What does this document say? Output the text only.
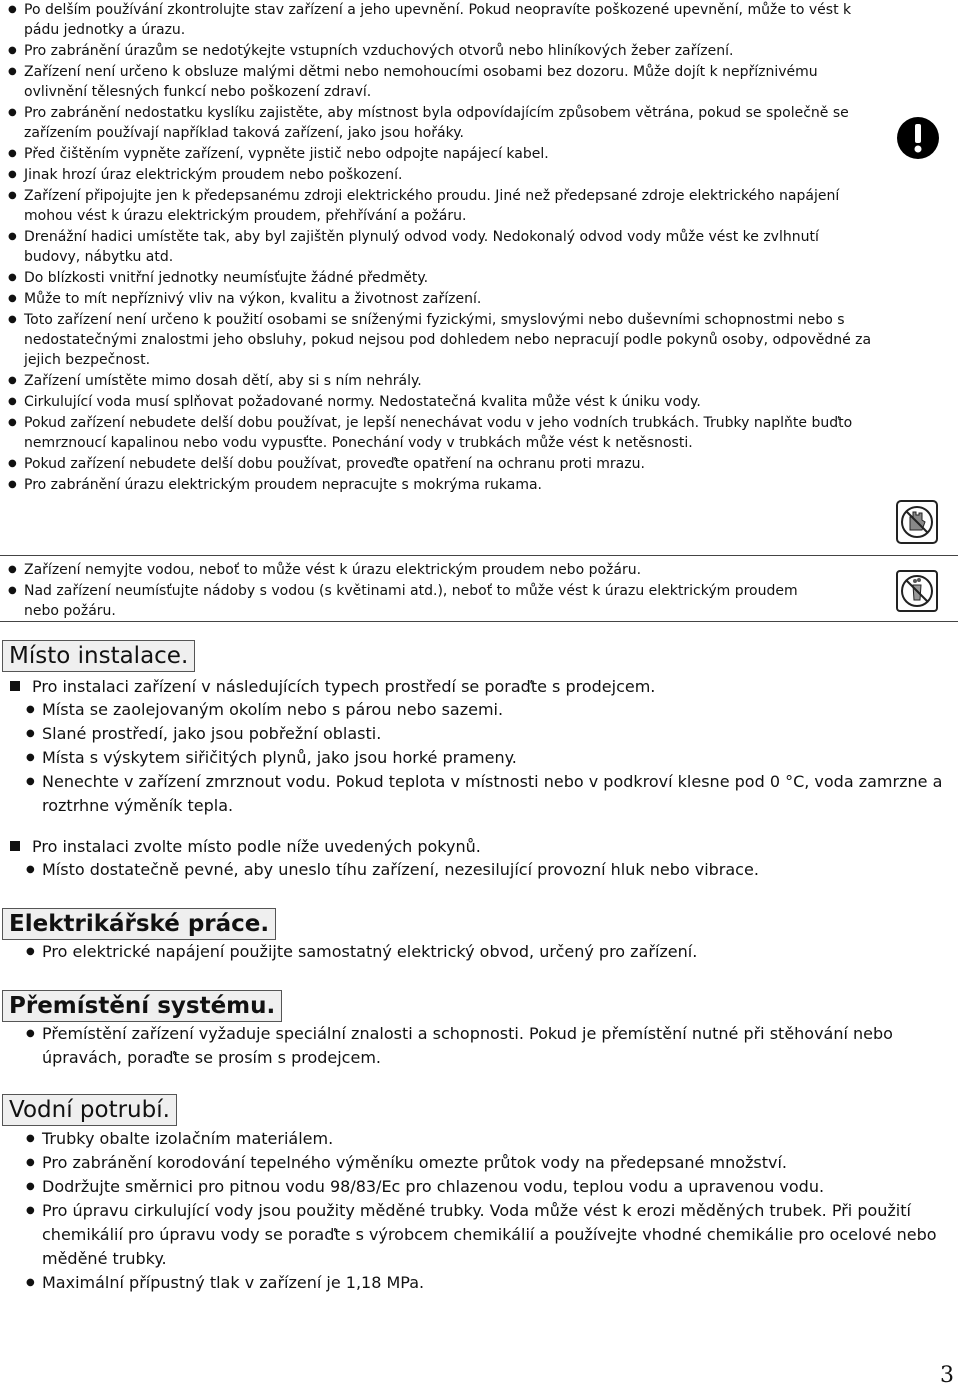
● Po delším používání zkontrolujte stav zařízení a jeho upevnění. Pokud neopravíte poškozené upevnění, může to vést k pádu jednotky a úrazu.
● Pro zabránění úrazům se nedotýkejte vstupních vzduchových otvorů nebo hliníkových žeber zařízení.
● Zařízení není určeno k obsluze malými dětmi nebo nemohoucími osobami bez dozoru. Může dojít k nepříznivému ovlivnění tělesných funkcí nebo poškození zdraví.
● Pro zabránění nedostatku kyslíku zajistěte, aby místnost byla odpovídajícím způsobem větrána, pokud se společně se zařízením používají například taková zařízení, jako jsou hořáky.
● Před čištěním vypněte zařízení, vypněte jistič nebo odpojte napájecí kabel.
● Jinak hrozí úraz elektrickým proudem nebo poškození.
● Zařízení připojujte jen k předepsanému zdroji elektrického proudu. Jiné než předepsané zdroje elektrického napájení mohou vést k úrazu elektrickým proudem, přehřívání a požáru.
● Drenážní hadici umístěte tak, aby byl zajištěn plynulý odvod vody. Nedokonalý odvod vody může vést ke zvlhnutí budovy, nábytku atd.
● Do blízkosti vnitřní jednotky neumísťujte žádné předměty.
● Může to mít nepříznivý vliv na výkon, kvalitu a životnost zařízení.
● Toto zařízení není určeno k použití osobami se sníženými fyzickými, smyslovými nebo duševními schopnostmi nebo s nedostatečnými znalostmi jeho obsluhy, pokud nejsou pod dohledem nebo nepracují podle pokynů osoby, odpovědné za jejich bezpečnost.
● Zařízení umístěte mimo dosah dětí, aby si s ním nehrály.
● Cirkulující voda musí splňovat požadované normy. Nedostatečná kvalita může vést k úniku vody.
● Pokud zařízení nebudete delší dobu používat, je lepší nenechávat vodu v jeho vodních trubkách. Trubky naplňte buďto nemrznoucí kapalinou nebo vodu vypusťte. Ponechání vody v trubkách může vést k netěsnosti.
● Pokud zařízení nebudete delší dobu používat, proveďte opatření na ochranu proti mrazu.
● Pro zabránění úrazu elektrickým proudem nepracujte s mokrýma rukama.
● Zařízení nemyjte vodou, neboť to může vést k úrazu elektrickým proudem nebo požáru.
● Nad zařízení neumísťujte nádoby s vodou (s květinami atd.), neboť to může vést k úrazu elektrickým proudem nebo požáru.
Místo instalace.
Pro instalaci zařízení v následujících typech prostředí se poraďte s prodejcem.
● Místa se zaolejovaným okolím nebo s párou nebo sazemi.
● Slané prostředí, jako jsou pobřežní oblasti.
● Místa s výskytem siřičitých plynů, jako jsou horké prameny.
● Nenechte v zařízení zmrznout vodu. Pokud teplota v místnosti nebo v podkroví klesne pod 0 °C, voda zamrzne a roztrhne výměník tepla.
Pro instalaci zvolte místo podle níže uvedených pokynů.
● Místo dostatečně pevné, aby uneslo tíhu zařízení, nezesilující provozní hluk nebo vibrace.
Elektrikářské práce.
● Pro elektrické napájení použijte samostatný elektrický obvod, určený pro zařízení.
Přemístění systému.
● Přemístění zařízení vyžaduje speciální znalosti a schopnosti. Pokud je přemístění nutné při stěhování nebo úpravách, poraďte se prosím s prodejcem.
Vodní potrubí.
● Trubky obalte izolačním materiálem.
● Pro zabránění korodování tepelného výměníku omezte průtok vody na předepsané množství.
● Dodržujte směrnici pro pitnou vodu 98/83/Ec pro chlazenou vodu, teplou vodu a upravenou vodu.
● Pro úpravu cirkulující vody jsou použity měděné trubky. Voda může vést k erozi měděných trubek. Při použití chemikálií pro úpravu vody se poraďte s výrobcem chemikálií a používejte vhodné chemikálie pro ocelové nebo měděné trubky.
● Maximální přípustný tlak v zařízení je 1,18 MPa.
3
